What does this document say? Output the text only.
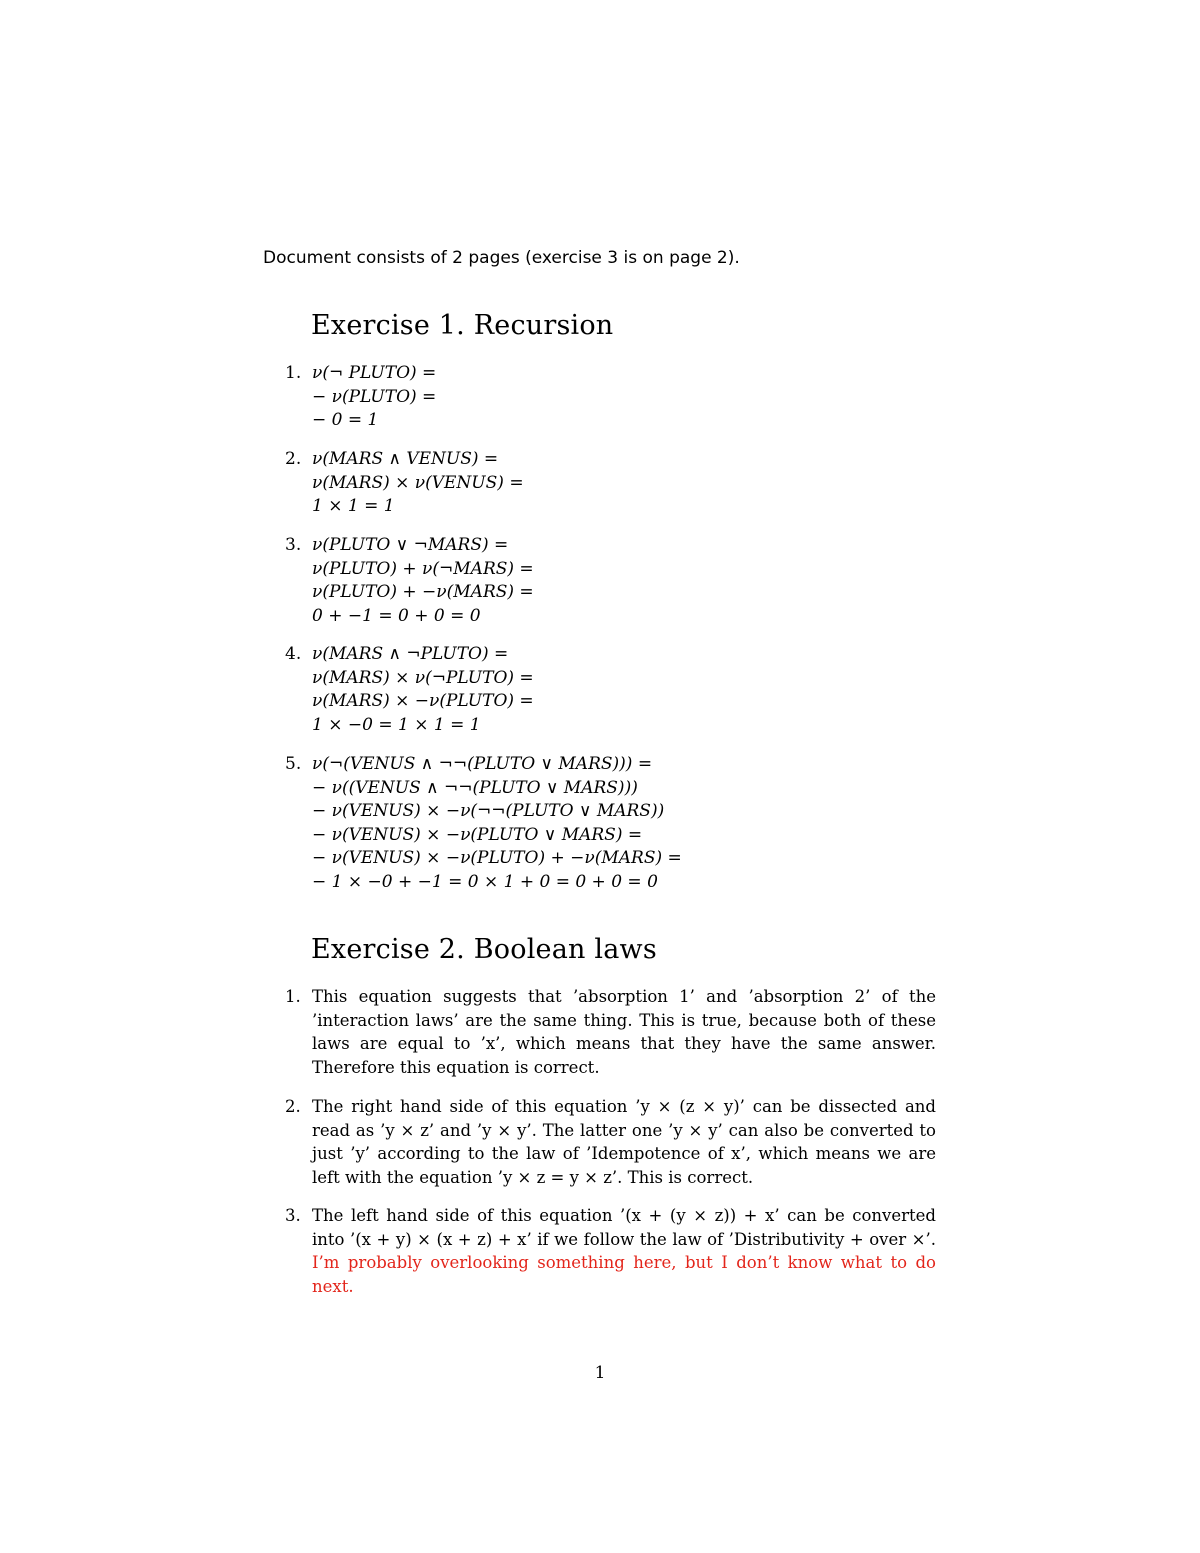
Document consists of 2 pages (exercise 3 is on page 2).
Exercise 1. Recursion
1. ν(¬ PLUTO) =
− ν(PLUTO) =
− 0 = 1
2. ν(MARS ∧ VENUS) =
ν(MARS) × ν(VENUS) =
1 × 1 = 1
3. ν(PLUTO ∨ ¬MARS) =
ν(PLUTO) + ν(¬MARS) =
ν(PLUTO) + −ν(MARS) =
0 + −1 = 0 + 0 = 0
4. ν(MARS ∧ ¬PLUTO) =
ν(MARS) × ν(¬PLUTO) =
ν(MARS) × −ν(PLUTO) =
1 × −0 = 1 × 1 = 1
5. ν(¬(VENUS ∧ ¬¬(PLUTO ∨ MARS))) =
− ν((VENUS ∧ ¬¬(PLUTO ∨ MARS)))
− ν(VENUS) × −ν(¬¬(PLUTO ∨ MARS))
− ν(VENUS) × −ν(PLUTO ∨ MARS) =
− ν(VENUS) × −ν(PLUTO) + −ν(MARS) =
− 1 × −0 + −1 = 0 × 1 + 0 = 0 + 0 = 0
Exercise 2. Boolean laws
1. This equation suggests that ’absorption 1’ and ’absorption 2’ of the ’interaction laws’ are the same thing. This is true, because both of these laws are equal to ’x’, which means that they have the same answer. Therefore this equation is correct.
2. The right hand side of this equation ’y × (z × y)’ can be dissected and read as ’y × z’ and ’y × y’. The latter one ’y × y’ can also be converted to just ’y’ according to the law of ’Idempotence of x’, which means we are left with the equation ’y × z = y × z’. This is correct.
3. The left hand side of this equation ’(x + (y × z)) + x’ can be converted into ’(x + y) × (x + z) + x’ if we follow the law of ’Distributivity + over ×’. I’m probably overlooking something here, but I don’t know what to do next.
1
